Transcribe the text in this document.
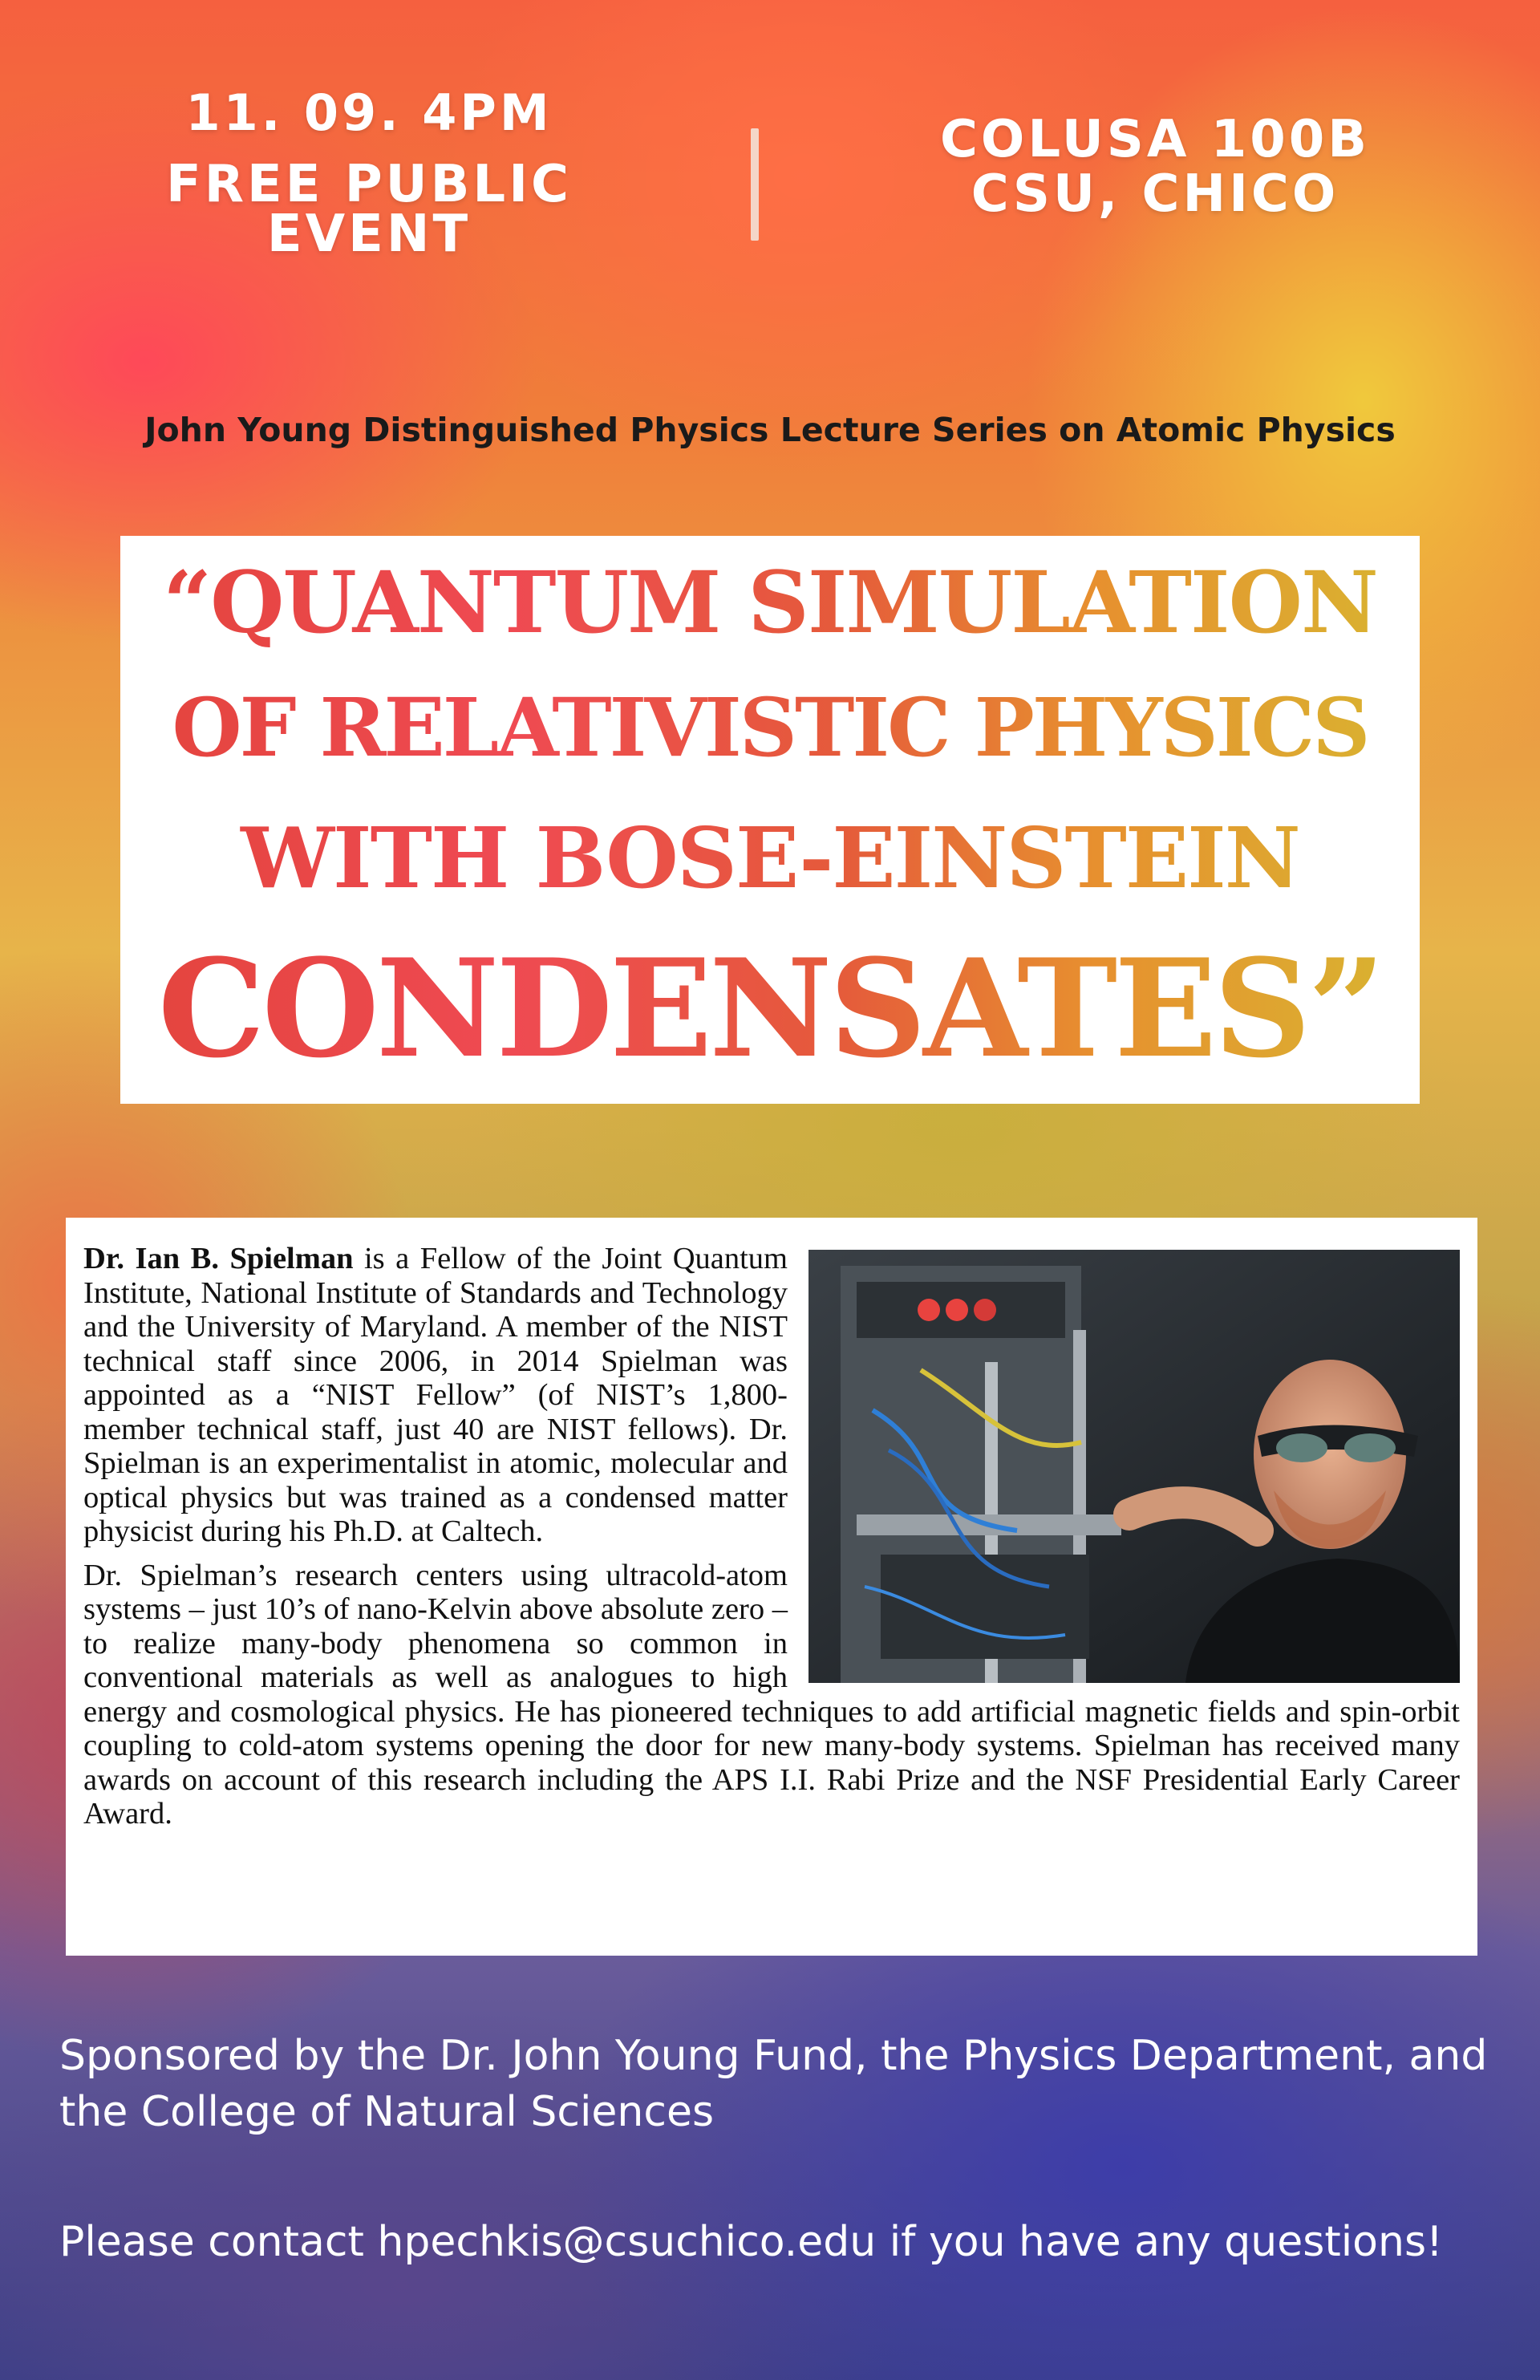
11. 09. 4PM
FREE PUBLIC EVENT
COLUSA 100B
CSU, CHICO
John Young Distinguished Physics Lecture Series on Atomic Physics
“QUANTUM SIMULATION
OF RELATIVISTIC PHYSICS
WITH BOSE-EINSTEIN
CONDENSATES”

Dr. Ian B. Spielman is a Fellow of the Joint Quantum Institute, National Institute of Standards and Technology and the University of Maryland. A member of the NIST technical staff since 2006, in 2014 Spielman was appointed as a “NIST Fellow” (of NIST’s 1,800- member technical staff, just 40 are NIST fellows). Dr. Spielman is an experimentalist in atomic, molecular and optical physics but was trained as a condensed matter physicist during his Ph.D. at Caltech.

Dr. Spielman’s research centers using ultracold-atom systems – just 10’s of nano-Kelvin above absolute zero – to realize many-body phenomena so common in conventional materials as well as analogues to high energy and cosmological physics. He has pioneered techniques to add artificial magnetic fields and spin-orbit coupling to cold-atom systems opening the door for new many-body systems. Spielman has received many awards on account of this research including the APS I.I. Rabi Prize and the NSF Presidential Early Career Award.

Sponsored by the Dr. John Young Fund, the Physics Department, and the College of Natural Sciences
Please contact hpechkis@csuchico.edu if you have any questions!
